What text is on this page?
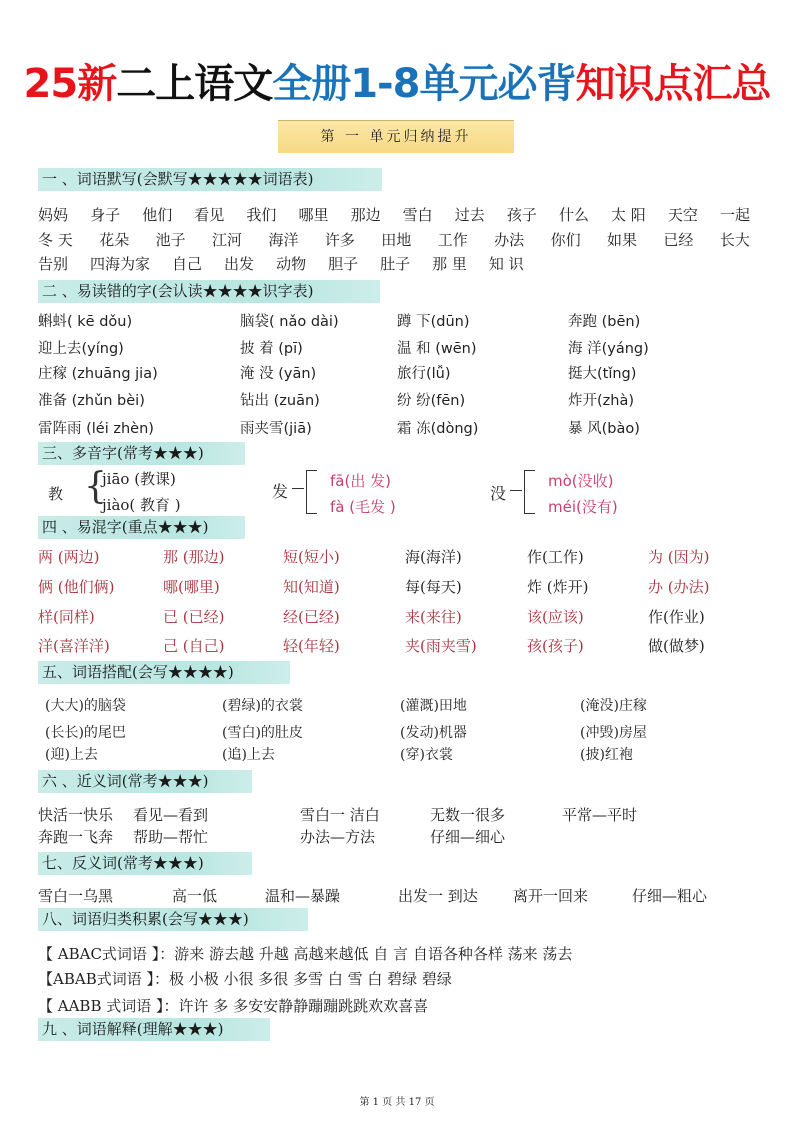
25新二上语文全册1-8单元必背知识点汇总
第 一 单元归纳提升
一 、词语默写(会默写★★★★★词语表)
妈妈 身子 他们 看见 我们 哪里 那边 雪白 过去 孩子 什么 太 阳 天空 一起
冬 天 花朵 池子 江河 海洋 许多 田地 工作 办法 你们 如果 已经 长大
告别 四海为家 自己 出发 动物 胆子 肚子 那 里 知 识
二 、易读错的字(会认读★★★★识字表)
蝌蚪( kē dǒu)	脑袋( nǎo dài)	蹲 下(dūn)	奔跑 (bēn)
迎上去(yíng)	披 着 (pī)	温 和 (wēn)	海 洋(yáng)
庄稼 (zhuāng jia)	淹 没 (yān)	旅行(lǚ)	挺大(tǐng)
准备 (zhǔn bèi)	钻出 (zuān)	纷 纷(fēn)	炸开(zhà)
雷阵雨 (léi zhèn)	雨夹雪(jiā)	霜 冻(dòng)	暴 风(bào)
三、多音字(常考★★★)
教 {
jiāo (教课)
jiào( 教育 )
发
fā(出 发)
fà (毛发 )
没
mò(没收)
méi(没有)
四 、易混字(重点★★★)
两 (两边)	那 (那边)	短(短小)	海(海洋)	作(工作)	为 (因为)
俩 (他们俩)	哪(哪里)	知(知道)	每(每天)	炸 (炸开)	办 (办法)
样(同样)	已 (已经)	经(已经)	来(来往)	该(应该)	作(作业)
洋(喜洋洋)	己 (自己)	轻(年轻)	夹(雨夹雪)	孩(孩子)	做(做梦)
五、词语搭配(会写★★★★)
(大大)的脑袋	(碧绿)的衣裳	(灌溉)田地	(淹没)庄稼
(长长)的尾巴	(雪白)的肚皮	(发动)机器	(冲毁)房屋
(迎)上去	(追)上去	(穿)衣裳	(披)红袍
六 、近义词(常考★★★)
快活一快乐 看见—看到	雪白一 洁白	无数一很多	平常—平时
奔跑一飞奔 帮助—帮忙	办法—方法	仔细—细心
七、反义词(常考★★★)
雪白一乌黑	高一低	温和—暴躁	出发一 到达 离开一回来	仔细—粗心
八、词语归类积累(会写★★★)
【 ABAC式词语 】：游来 游去越 升越 高越来越低 自 言 自语各种各样 荡来 荡去
【ABAB式词语 】：极 小极 小很 多很 多雪 白 雪 白 碧绿 碧绿
【 AABB 式词语 】：许许 多 多安安静静蹦蹦跳跳欢欢喜喜
九 、词语解释(理解★★★)
第 1 页 共 17 页
